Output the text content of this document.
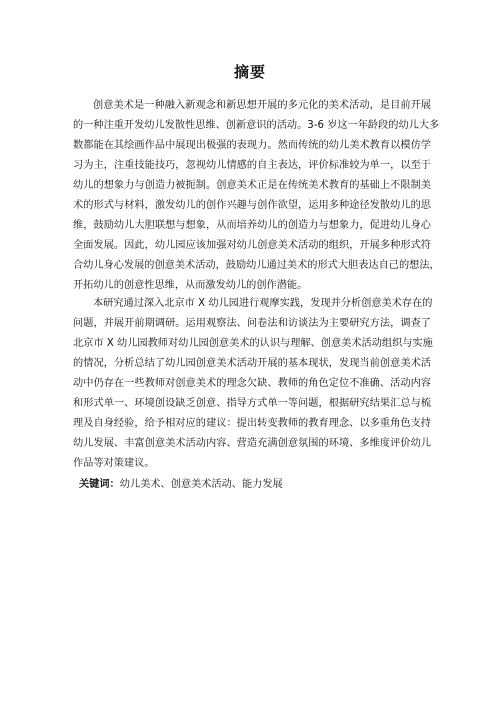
摘要
创意美术是一种融入新观念和新思想开展的多元化的美术活动，是目前开展
的一种注重开发幼儿发散性思维、创新意识的活动。3-6 岁这一年龄段的幼儿大多
数都能在其绘画作品中展现出极强的表现力。然而传统的幼儿美术教育以模仿学
习为主，注重技能技巧，忽视幼儿情感的自主表达，评价标准较为单一，以至于
幼儿的想象力与创造力被扼制。创意美术正是在传统美术教育的基础上不限制美
术的形式与材料，激发幼儿的创作兴趣与创作欲望，运用多种途径发散幼儿的思
维，鼓励幼儿大胆联想与想象，从而培养幼儿的创造力与想象力，促进幼儿身心
全面发展。因此，幼儿园应该加强对幼儿创意美术活动的组织，开展多种形式符
合幼儿身心发展的创意美术活动，鼓励幼儿通过美术的形式大胆表达自己的想法，
开拓幼儿的创意性思维，从而激发幼儿的创作潜能。
本研究通过深入北京市 X 幼儿园进行观摩实践，发现并分析创意美术存在的
问题，并展开前期调研。运用观察法、问卷法和访谈法为主要研究方法，调查了
北京市 X 幼儿园教师对幼儿园创意美术的认识与理解、创意美术活动组织与实施
的情况，分析总结了幼儿园创意美术活动开展的基本现状，发现当前创意美术活
动中仍存在一些教师对创意美术的理念欠缺、教师的角色定位不准确、活动内容
和形式单一、环境创设缺乏创意、指导方式单一等问题，根据研究结果汇总与梳
理及自身经验，给予相对应的建议：提出转变教师的教育理念、以多重角色支持
幼儿发展、丰富创意美术活动内容、营造充满创意氛围的环境、多维度评价幼儿
作品等对策建议。
关键词：幼儿美术、创意美术活动、能力发展
